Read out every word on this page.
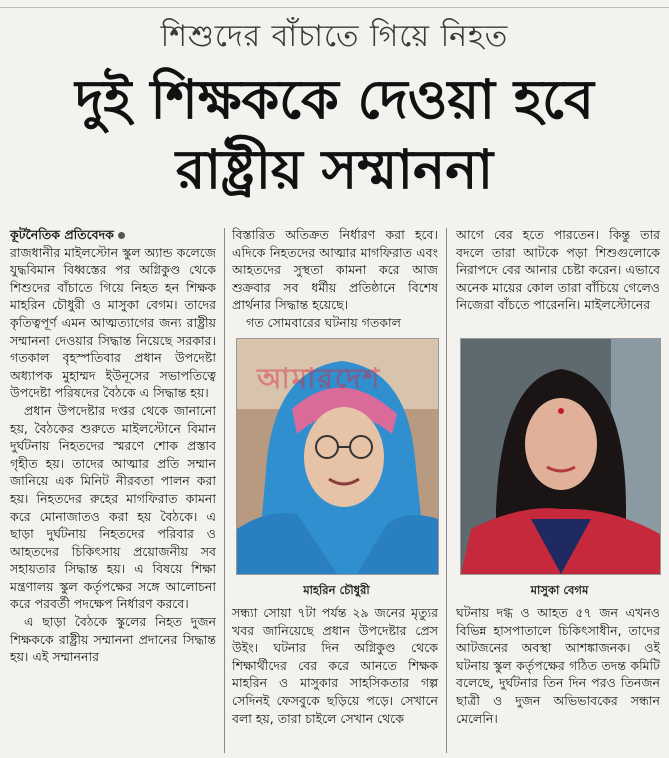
শিশুদের বাঁচাতে গিয়ে নিহত
দুই শিক্ষককে দেওয়া হবে
রাষ্ট্রীয় সম্মাননা

কূটনৈতিক প্রতিবেদক

রাজধানীর মাইলস্টোন স্কুল অ্যান্ড কলেজে যুদ্ধবিমান বিধ্বস্তের পর অগ্নিকুণ্ড থেকে শিশুদের বাঁচাতে গিয়ে নিহত হন শিক্ষক মাহরিন চৌধুরী ও মাসুকা বেগম। তাদের কৃতিত্বপূর্ণ এমন আত্মত্যাগের জন্য রাষ্ট্রীয় সম্মাননা দেওয়ার সিদ্ধান্ত নিয়েছে সরকার। গতকাল বৃহস্পতিবার প্রধান উপদেষ্টা অধ্যাপক মুহাম্মদ ইউনূসের সভাপতিত্বে উপদেষ্টা পরিষদের বৈঠকে এ সিদ্ধান্ত হয়।

প্রধান উপদেষ্টার দপ্তর থেকে জানানো হয়, বৈঠকের শুরুতে মাইলস্টোনে বিমান দুর্ঘটনায় নিহতদের স্মরণে শোক প্রস্তাব গৃহীত হয়। তাদের আত্মার প্রতি সম্মান জানিয়ে এক মিনিট নীরবতা পালন করা হয়। নিহতদের রুহের মাগফিরাত কামনা করে মোনাজাতও করা হয় বৈঠকে। এ ছাড়া দুর্ঘটনায় নিহতদের পরিবার ও আহতদের চিকিৎসায় প্রয়োজনীয় সব সহায়তার সিদ্ধান্ত হয়। এ বিষয়ে শিক্ষা মন্ত্রণালয় স্কুল কর্তৃপক্ষের সঙ্গে আলোচনা করে পরবর্তী পদক্ষেপ নির্ধারণ করবে।

এ ছাড়া বৈঠকে স্কুলের নিহত দুজন শিক্ষককে রাষ্ট্রীয় সম্মাননা প্রদানের সিদ্ধান্ত হয়। এই সম্মাননার

বিস্তারিত অতিক্রত নির্ধারণ করা হবে। এদিকে নিহতদের আত্মার মাগফিরাত এবং আহতদের সুস্থতা কামনা করে আজ শুক্রবার সব ধর্মীয় প্রতিষ্ঠানে বিশেষ প্রার্থনার সিদ্ধান্ত হয়েছে।

গত সোমবারের ঘটনায় গতকাল

আমারদেশ
মাহরিন চৌধুরী

সন্ধ্যা সোয়া ৭টা পর্যন্ত ২৯ জনের মৃত্যুর খবর জানিয়েছে প্রধান উপদেষ্টার প্রেস উইং। ঘটনার দিন অগ্নিকুণ্ড থেকে শিক্ষার্থীদের বের করে আনতে শিক্ষক মাহরিন ও মাসুকার সাহসিকতার গল্প সেদিনই ফেসবুকে ছড়িয়ে পড়ে। সেখানে বলা হয়, তারা চাইলে সেখান থেকে

আগে বের হতে পারতেন। কিন্তু তার বদলে তারা আটকে পড়া শিশুগুলোকে নিরাপদে বের আনার চেষ্টা করেন। এভাবে অনেক মায়ের কোল তারা বাঁচিয়ে গেলেও নিজেরা বাঁচতে পারেননি। মাইলস্টোনের

মাসুকা বেগম

ঘটনায় দগ্ধ ও আহত ৫৭ জন এখনও বিভিন্ন হাসপাতালে চিকিৎসাধীন, তাদের আটজনের অবস্থা আশঙ্কাজনক। ওই ঘটনায় স্কুল কর্তৃপক্ষের গঠিত তদন্ত কমিটি বলেছে, দুর্ঘটনার তিন দিন পরও তিনজন ছাত্রী ও দুজন অভিভাবকের সন্ধান মেলেনি।
